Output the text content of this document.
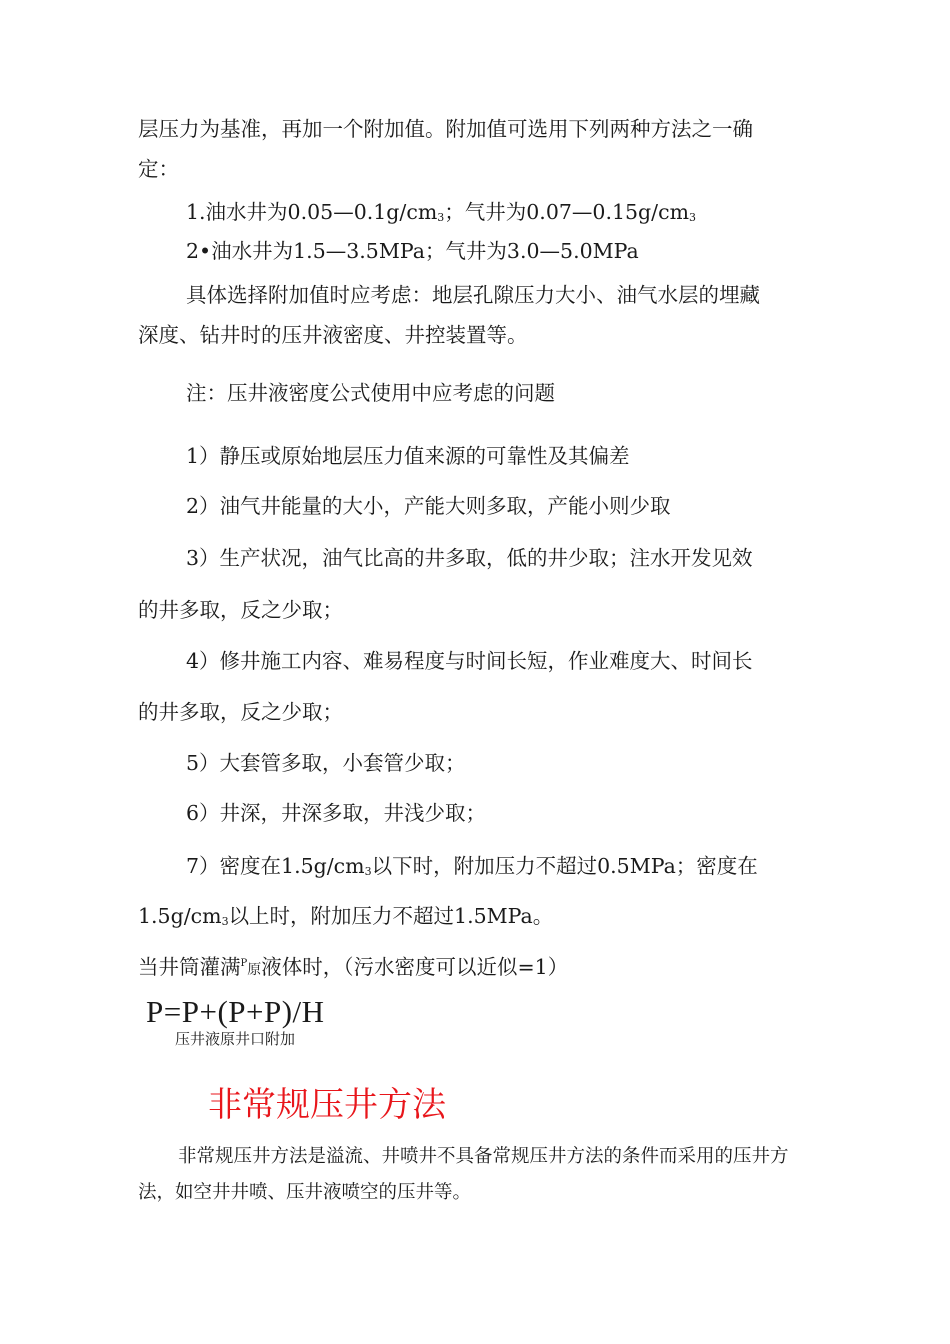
层压力为基准，再加一个附加值。附加值可选用下列两种方法之一确
定：
1.油水井为0.05—0.1g/cm3；气井为0.07—0.15g/cm3
2•油水井为1.5—3.5MPa；气井为3.0—5.0MPa
具体选择附加值时应考虑：地层孔隙压力大小、油气水层的埋藏
深度、钻井时的压井液密度、井控装置等。
注：压井液密度公式使用中应考虑的问题
1）静压或原始地层压力值来源的可靠性及其偏差
2）油气井能量的大小，产能大则多取，产能小则少取
3）生产状况，油气比高的井多取，低的井少取；注水开发见效
的井多取，反之少取；
4）修井施工内容、难易程度与时间长短，作业难度大、时间长
的井多取，反之少取；
5）大套管多取，小套管少取；
6）井深，井深多取，井浅少取；
7）密度在1.5g/cm3以下时，附加压力不超过0.5MPa；密度在
1.5g/cm3以上时，附加压力不超过1.5MPa。
当井筒灌满$^P$原液体时，（污水密度可以近似=1）
P=P+(P+P)/H
压井液原井口附加
非常规压井方法
非常规压井方法是溢流、井喷井不具备常规压井方法的条件而采用的压井方
法，如空井井喷、压井液喷空的压井等。
